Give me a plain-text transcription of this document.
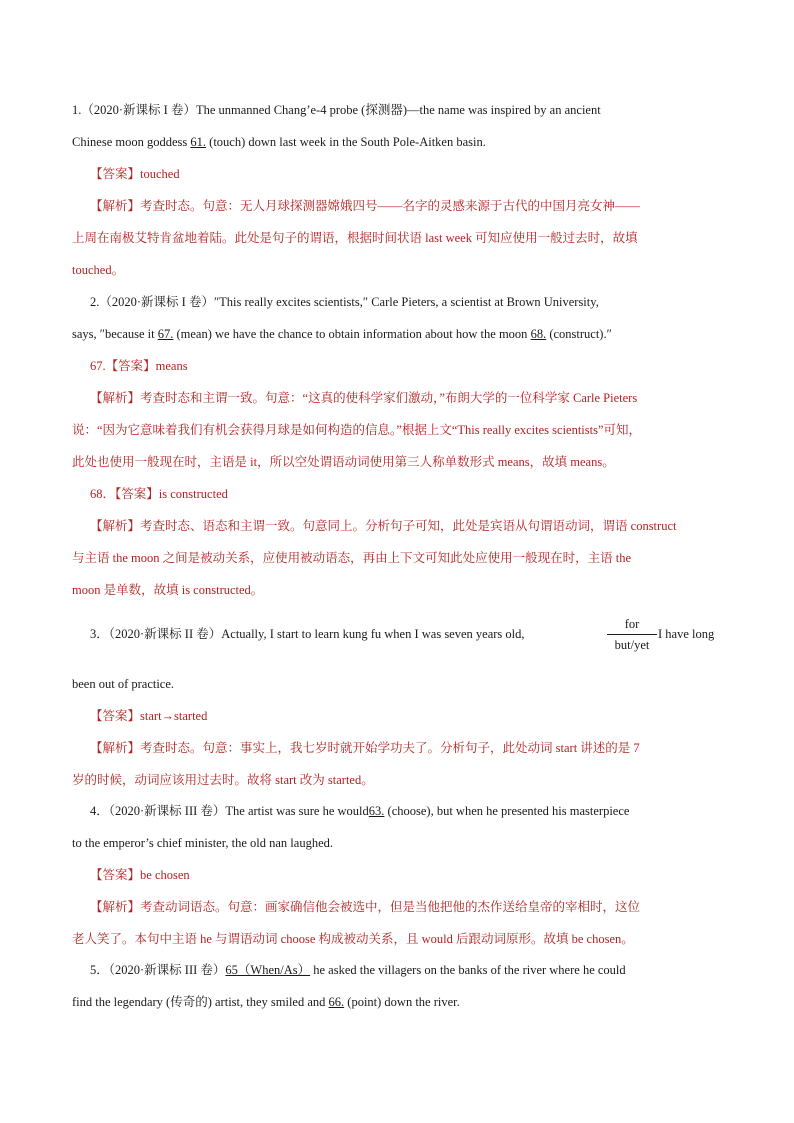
1.（2020·新课标 I 卷）The unmanned Chang’e-4 probe (探测器)—the name was inspired by an ancient
Chinese moon goddess 61. (touch) down last week in the South Pole-Aitken basin.
【答案】touched
【解析】考查时态。句意：无人月球探测器嫦娥四号——名字的灵感来源于古代的中国月亮女神——
上周在南极艾特肯盆地着陆。此处是句子的谓语，根据时间状语 last week 可知应使用一般过去时，故填
touched。
2.（2020·新课标 I 卷）″This really excites scientists,″ Carle Pieters, a scientist at Brown University,
says, ″because it 67. (mean) we have the chance to obtain information about how the moon 68. (construct).″
67.【答案】means
【解析】考查时态和主谓一致。句意：“这真的使科学家们激动，”布朗大学的一位科学家 Carle Pieters
说：“因为它意味着我们有机会获得月球是如何构造的信息。”根据上文“This really excites scientists”可知，
此处也使用一般现在时，主语是 it，所以空处谓语动词使用第三人称单数形式 means，故填 means。
68．【答案】is constructed
【解析】考查时态、语态和主谓一致。句意同上。分析句子可知，此处是宾语从句谓语动词，谓语 construct
与主语 the moon 之间是被动关系，应使用被动语态，再由上下文可知此处应使用一般现在时，主语 the
moon 是单数，故填 is constructed。
3．（2020·新课标 II 卷）Actually, I start to learn kung fu when I was seven years old,
for
but/yet
I have long
been out of practice.
【答案】start→started
【解析】考查时态。句意：事实上，我七岁时就开始学功夫了。分析句子，此处动词 start 讲述的是 7
岁的时候，动词应该用过去时。故将 start 改为 started。
4．（2020·新课标 III 卷）The artist was sure he would63. (choose), but when he presented his masterpiece
to the emperor’s chief minister, the old nan laughed.
【答案】be chosen
【解析】考查动词语态。句意：画家确信他会被选中，但是当他把他的杰作送给皇帝的宰相时，这位
老人笑了。本句中主语 he 与谓语动词 choose 构成被动关系，且 would 后跟动词原形。故填 be chosen。
5．（2020·新课标 III 卷）65（When/As） he asked the villagers on the banks of the river where he could
find the legendary (传奇的) artist, they smiled and 66. (point) down the river.
